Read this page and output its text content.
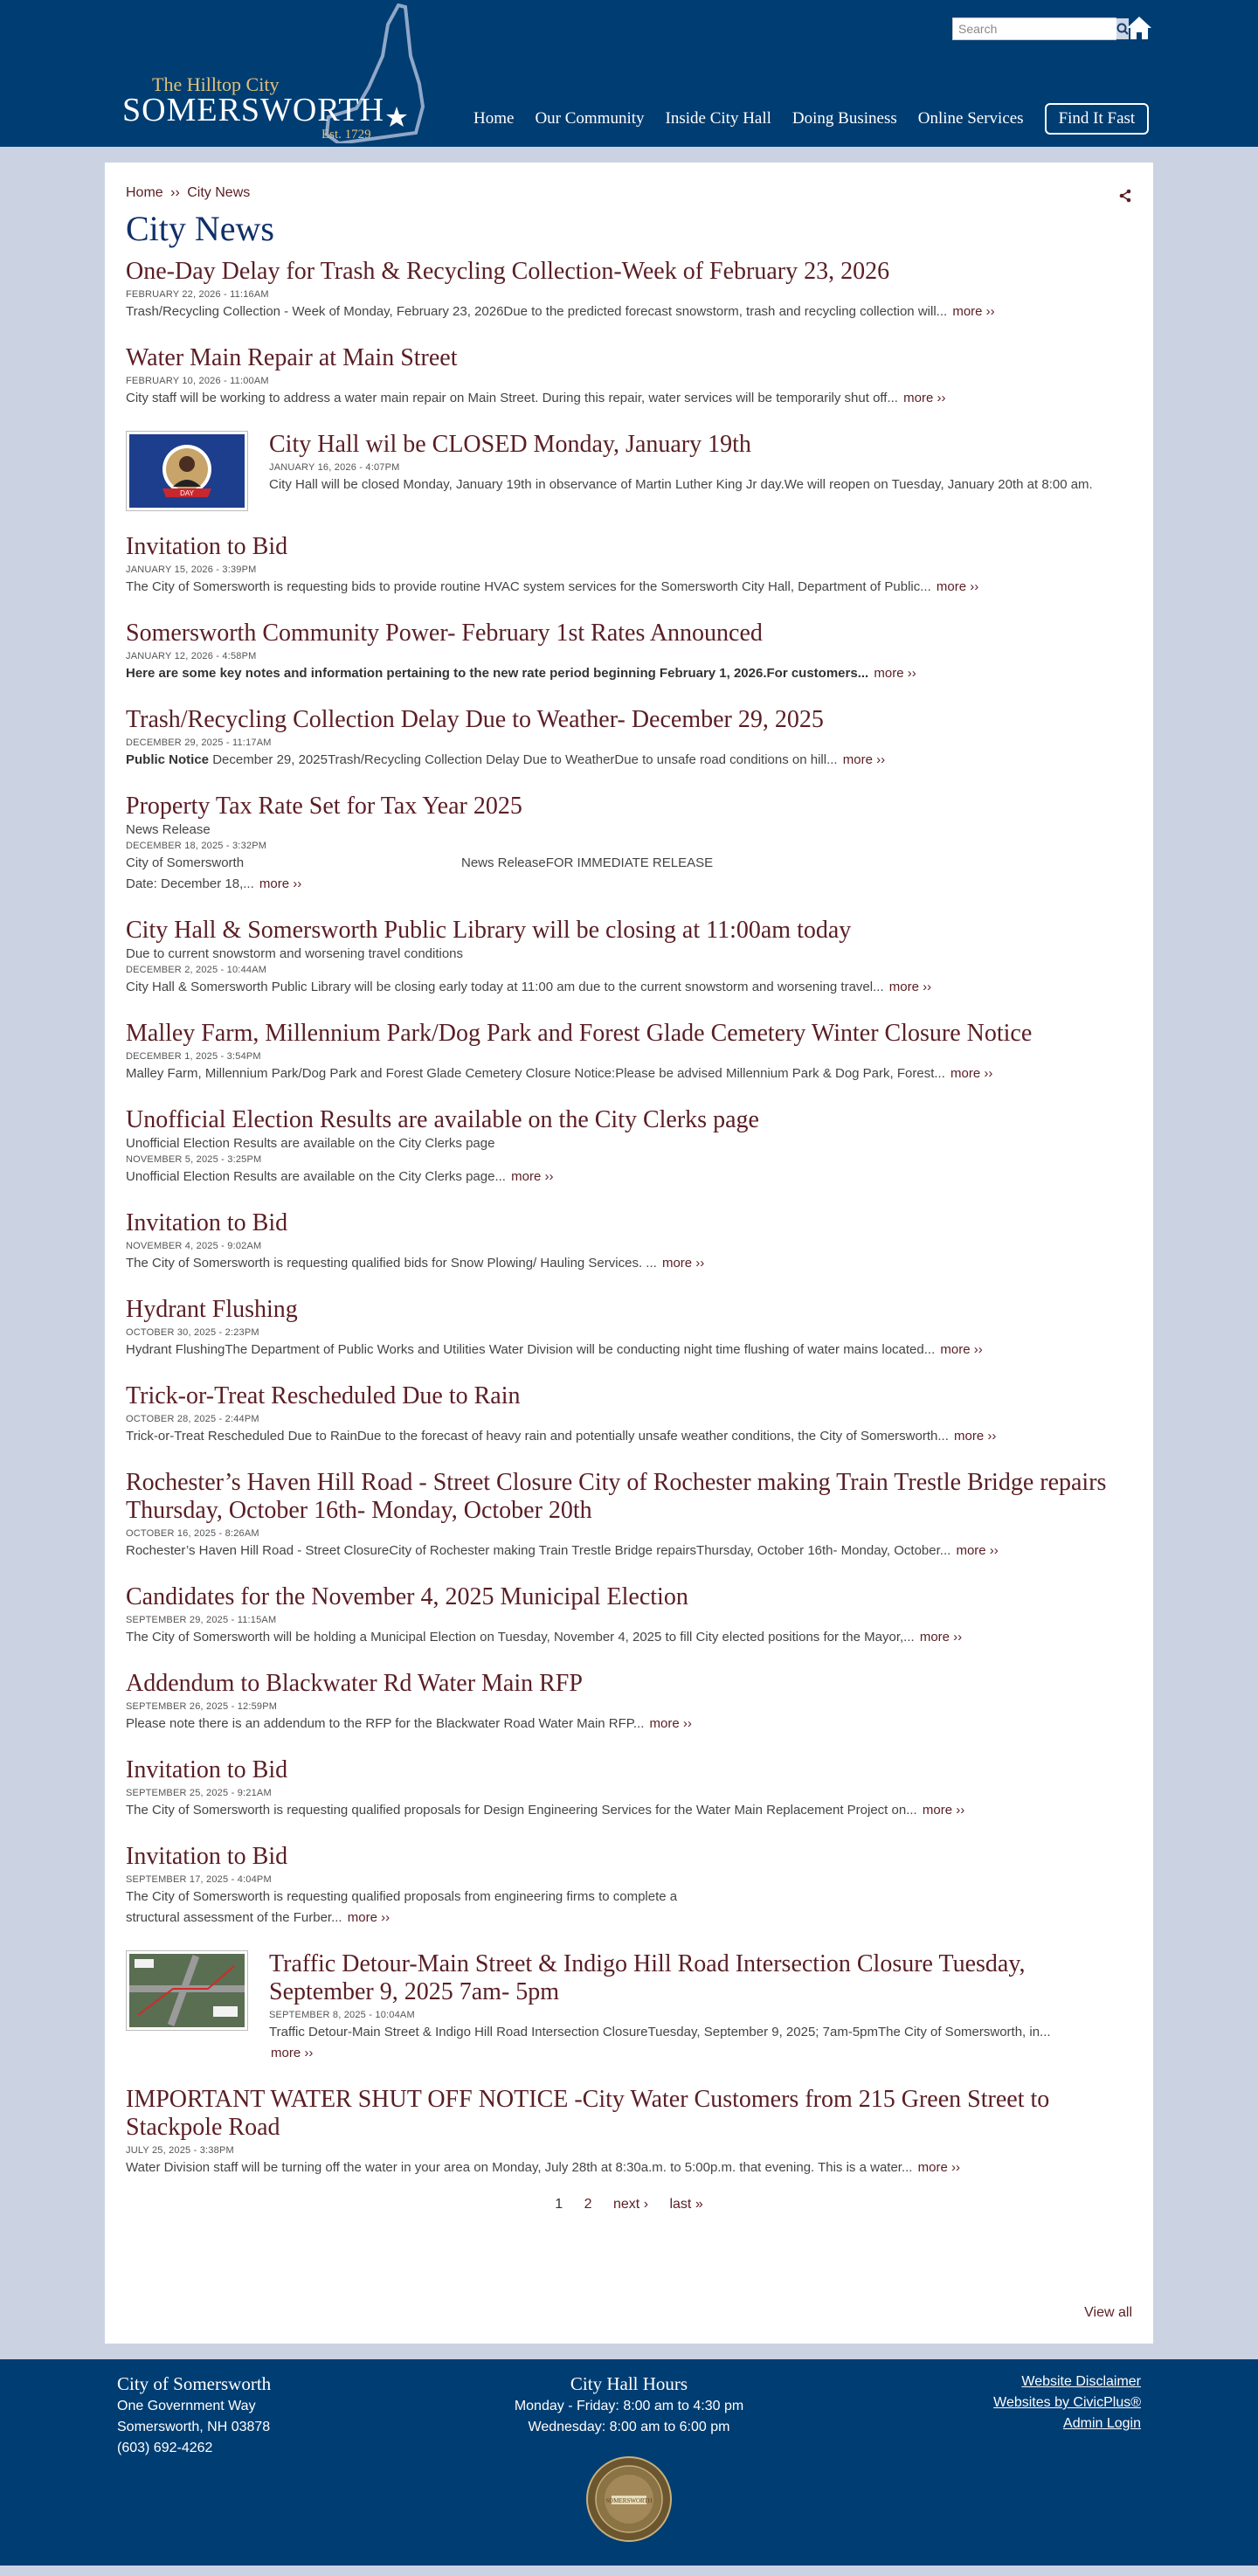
The Hilltop City
SOMERSWORTH
Est. 1729
Search
Home Our Community Inside City Hall Doing Business Online Services	Find It Fast
Home ›› City News
City News
One-Day Delay for Trash & Recycling Collection-Week of February 23, 2026
FEBRUARY 22, 2026 - 11:16AM
Trash/Recycling Collection - Week of Monday, February 23, 2026Due to the predicted forecast snowstorm, trash and recycling collection will... more ››
Water Main Repair at Main Street
FEBRUARY 10, 2026 - 11:00AM
City staff will be working to address a water main repair on Main Street. During this repair, water services will be temporarily shut off... more ››
DAY
City Hall wil be CLOSED Monday, January 19th
JANUARY 16, 2026 - 4:07PM
City Hall will be closed Monday, January 19th in observance of Martin Luther King Jr day.We will reopen on Tuesday, January 20th at 8:00 am.
Invitation to Bid
JANUARY 15, 2026 - 3:39PM
The City of Somersworth is requesting bids to provide routine HVAC system services for the Somersworth City Hall, Department of Public... more ››
Somersworth Community Power- February 1st Rates Announced
JANUARY 12, 2026 - 4:58PM
Here are some key notes and information pertaining to the new rate period beginning February 1, 2026.For customers... more ››
Trash/Recycling Collection Delay Due to Weather- December 29, 2025
DECEMBER 29, 2025 - 11:17AM
Public Notice December 29, 2025Trash/Recycling Collection Delay Due to WeatherDue to unsafe road conditions on hill... more ››
Property Tax Rate Set for Tax Year 2025
News Release
DECEMBER 18, 2025 - 3:32PM
City of Somersworth	News ReleaseFOR IMMEDIATE RELEASE
Date: December 18,... more ››
City Hall & Somersworth Public Library will be closing at 11:00am today
Due to current snowstorm and worsening travel conditions
DECEMBER 2, 2025 - 10:44AM
City Hall & Somersworth Public Library will be closing early today at 11:00 am due to the current snowstorm and worsening travel... more ››
Malley Farm, Millennium Park/Dog Park and Forest Glade Cemetery Winter Closure Notice
DECEMBER 1, 2025 - 3:54PM
Malley Farm, Millennium Park/Dog Park and Forest Glade Cemetery Closure Notice:Please be advised Millennium Park & Dog Park, Forest... more ››
Unofficial Election Results are available on the City Clerks page
Unofficial Election Results are available on the City Clerks page
NOVEMBER 5, 2025 - 3:25PM
Unofficial Election Results are available on the City Clerks page... more ››
Invitation to Bid
NOVEMBER 4, 2025 - 9:02AM
The City of Somersworth is requesting qualified bids for Snow Plowing/ Hauling Services. ... more ››
Hydrant Flushing
OCTOBER 30, 2025 - 2:23PM
Hydrant FlushingThe Department of Public Works and Utilities Water Division will be conducting night time flushing of water mains located... more ››
Trick-or-Treat Rescheduled Due to Rain
OCTOBER 28, 2025 - 2:44PM
Trick-or-Treat Rescheduled Due to RainDue to the forecast of heavy rain and potentially unsafe weather conditions, the City of Somersworth... more ››
Rochester’s Haven Hill Road - Street Closure City of Rochester making Train Trestle Bridge repairs Thursday, October 16th- Monday, October 20th
OCTOBER 16, 2025 - 8:26AM
Rochester’s Haven Hill Road - Street ClosureCity of Rochester making Train Trestle Bridge repairsThursday, October 16th- Monday, October... more ››
Candidates for the November 4, 2025 Municipal Election
SEPTEMBER 29, 2025 - 11:15AM
The City of Somersworth will be holding a Municipal Election on Tuesday, November 4, 2025 to fill City elected positions for the Mayor,... more ››
Addendum to Blackwater Rd Water Main RFP
SEPTEMBER 26, 2025 - 12:59PM
Please note there is an addendum to the RFP for the Blackwater Road Water Main RFP... more ››
Invitation to Bid
SEPTEMBER 25, 2025 - 9:21AM
The City of Somersworth is requesting qualified proposals for Design Engineering Services for the Water Main Replacement Project on... more ››
Invitation to Bid
SEPTEMBER 17, 2025 - 4:04PM
The City of Somersworth is requesting qualified proposals from engineering firms to complete a
structural assessment of the Furber... more ››
Traffic Detour-Main Street & Indigo Hill Road Intersection Closure Tuesday, September 9, 2025 7am- 5pm
SEPTEMBER 8, 2025 - 10:04AM
Traffic Detour-Main Street & Indigo Hill Road Intersection ClosureTuesday, September 9, 2025; 7am-5pmThe City of Somersworth, in...
more ››
IMPORTANT WATER SHUT OFF NOTICE -City Water Customers from 215 Green Street to Stackpole Road
JULY 25, 2025 - 3:38PM
Water Division staff will be turning off the water in your area on Monday, July 28th at 8:30a.m. to 5:00p.m. that evening. This is a water... more ››
1 2 next › last »
View all
City of Somersworth
One Government Way
Somersworth, NH 03878
(603) 692-4262
City Hall Hours
Monday - Friday: 8:00 am to 4:30 pm
Wednesday: 8:00 am to 6:00 pm
Website Disclaimer
Websites by CivicPlus®
Admin Login
SOMERSWORTH
